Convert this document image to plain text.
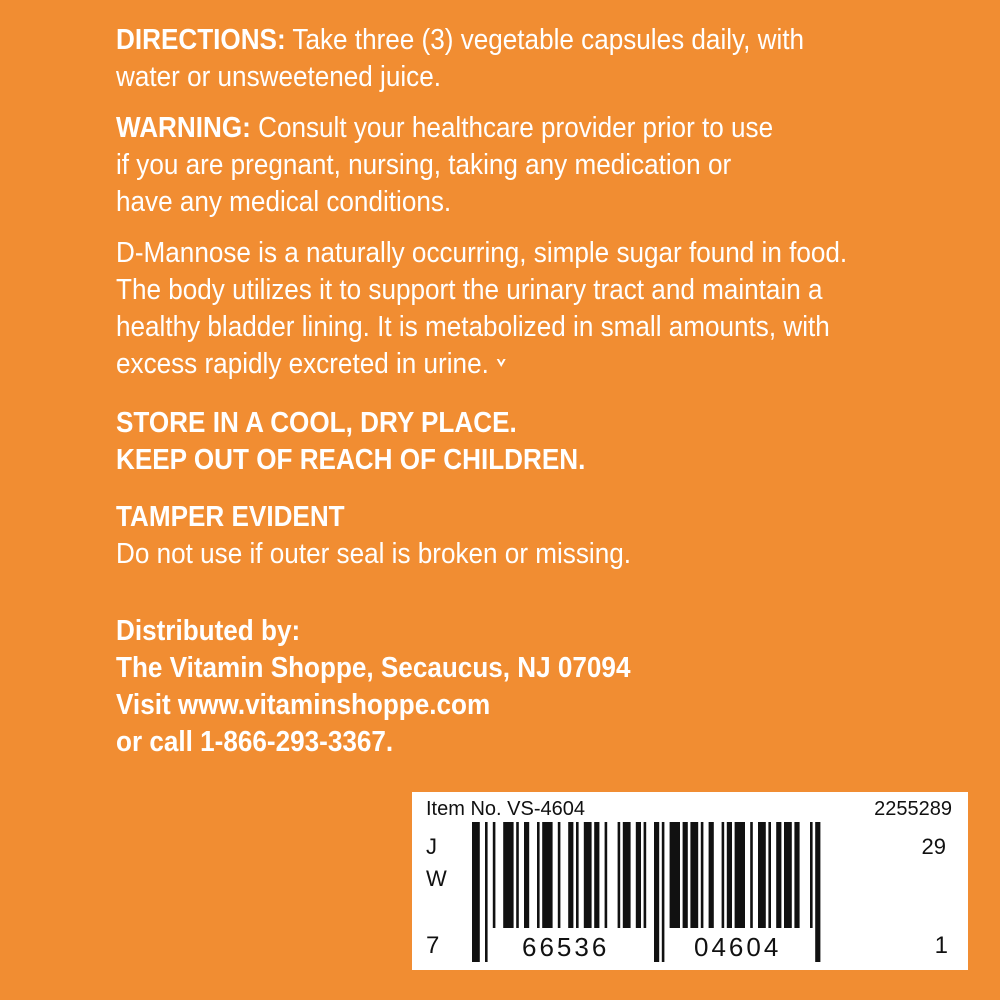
DIRECTIONS: Take three (3) vegetable capsules daily, with
water or unsweetened juice.
WARNING: Consult your healthcare provider prior to use
if you are pregnant, nursing, taking any medication or
have any medical conditions.
D-Mannose is a naturally occurring, simple sugar found in food.
The body utilizes it to support the urinary tract and maintain a
healthy bladder lining. It is metabolized in small amounts, with
excess rapidly excreted in urine.
STORE IN A COOL, DRY PLACE.
KEEP OUT OF REACH OF CHILDREN.
TAMPER EVIDENT
Do not use if outer seal is broken or missing.
Distributed by:
The Vitamin Shoppe, Secaucus, NJ 07094
Visit www.vitaminshoppe.com
or call 1-866-293-3367.
Item No. VS-4604	2255289
J
W
29
7	66536	04604	1
